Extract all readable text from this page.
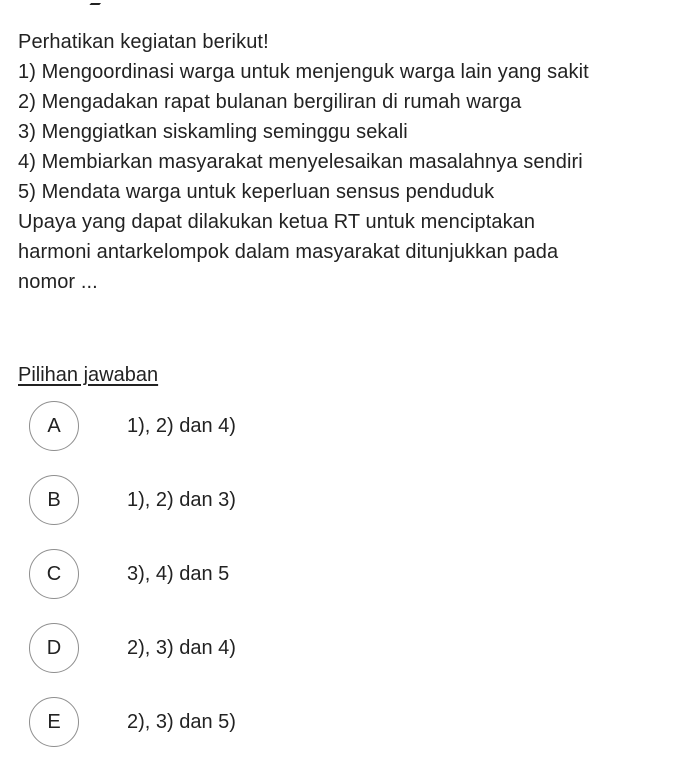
Perhatikan kegiatan berikut!
1) Mengoordinasi warga untuk menjenguk warga lain yang sakit
2) Mengadakan rapat bulanan bergiliran di rumah warga
3) Menggiatkan siskamling seminggu sekali
4) Membiarkan masyarakat menyelesaikan masalahnya sendiri
5) Mendata warga untuk keperluan sensus penduduk
Upaya yang dapat dilakukan ketua RT untuk menciptakan
harmoni antarkelompok dalam masyarakat ditunjukkan pada
nomor ...
Pilihan jawaban
A	1), 2) dan 4)
B	1), 2) dan 3)
C	3), 4) dan 5
D	2), 3) dan 4)
E	2), 3) dan 5)
